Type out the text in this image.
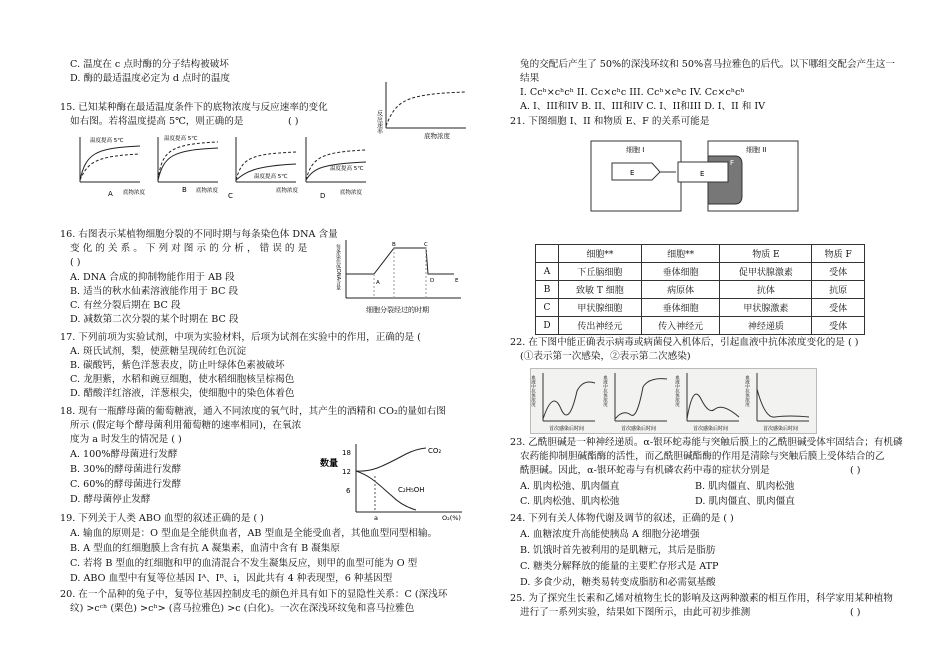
C. 温度在 c 点时酶的分子结构被破坏
D. 酶的最适温度必定为 d 点时的温度
15. 已知某种酶在最适温度条件下的底物浓度与反应速率的变化
如右图。若将温度提高 5℃，则正确的是	( )	反应速率
底物浓度
温度提高 5℃
A 底物浓度
温度提高 5℃
B 底物浓度
温度提高 5℃
C
底物浓度
温度提高 5℃
D	底物浓度
16. 右图表示某植物细胞分裂的不同时期与每条染色体 DNA 含量
变 化 的 关 系 。 下 列 对 图 示 的 分 析 ， 错 误 的 是
( )
A. DNA 合成的抑制物能作用于 AB 段
B. 适当的秋水仙素溶液能作用于 BC 段
C. 有丝分裂后期在 BC 段
D. 减数第二次分裂的某个时期在 BC 段
17. 下列前项为实验试剂，中项为实验材料，后项为试剂在实验中的作用，正确的是 (
A. 斑氏试剂，梨，使蔗糖呈现砖红色沉淀
B. 碳酸钙，紫色洋葱表皮，防止叶绿体色素被破坏
C. 龙胆紫，水稻和豌豆细胞，使水稻细胞核呈棕褐色
D. 醋酸洋红溶液，洋葱根尖，使细胞中的染色体着色
18. 现有一瓶酵母菌的葡萄糖液，通入不同浓度的氧气时，其产生的酒精和 CO₂的量如右图
所示 (假定每个酵母菌利用葡萄糖的速率相同)，在氧浓
度为 a 时发生的情况是 ( )
A. 100%酵母菌进行发酵
B. 30%的酵母菌进行发酵
C. 60%的酵母菌进行发酵
D. 酵母菌停止发酵
19. 下列关于人类 ABO 血型的叙述正确的是 ( )
A. 输血的原则是：O 型血是全能供血者，AB 型血是全能受血者，其他血型同型相输。
B. A 型血的红细胞膜上含有抗 A 凝集素，血清中含有 B 凝集原
C. 若将 B 型血的红细胞和甲的血清混合不发生凝集反应，则甲的血型可能为 O 型
D. ABO 血型中有复等位基因 Iᴬ、Iᴮ、i，因此共有 4 种表现型，6 种基因型
20. 在一个品种的兔子中，复等位基因控制皮毛的颜色并具有如下的显隐性关系：C (深浅环
纹) >cᶜʰ (栗色) >cʰ> (喜马拉雅色) >c (白化)。一次在深浅环纹兔和喜马拉雅色
每条染色体DNA含量	A
B	C
D	E
细胞分裂经过的时期
数量
18
12
6
a
CO₂
C₂H₅OH
O₂(%)
兔的交配后产生了 50%的深浅环纹和 50%喜马拉雅色的后代。以下哪组交配会产生这一
结果
I. Ccʰ×cʰcʰ II. Cc×cʰc III. Ccʰ×cʰc IV. Cc×cʰcʰ
A. I、III和IV B. II、III和IV C. I、II和III D. I、II 和 IV
21. 下图细胞 I、II 和物质 E、F 的关系可能是
细胞 I
E
细胞 II
E
F
	细胞**	细胞**	物质 E	物质 F
A	下丘脑细胞	垂体细胞	促甲状腺激素	受体
B	致敏 T 细胞	病原体	抗体	抗原
C	甲状腺细胞	垂体细胞	甲状腺激素	受体
D	传出神经元	传入神经元	神经递质	受体
22. 在下图中能正确表示病毒或病菌侵入机体后，引起血液中抗体浓度变化的是 ( )
(①表示第一次感染，②表示第二次感染)
血液中抗体浓度
首次感染后时间
血液中抗体浓度
首次感染后时间
血液中抗体浓度
首次感染后时间
血液中抗体浓度
首次感染后时间
23. 乙酰胆碱是一种神经递质。α-银环蛇毒能与突触后膜上的乙酰胆碱受体牢固结合；有机磷
农药能抑制胆碱酯酶的活性，而乙酰胆碱酯酶的作用是清除与突触后膜上受体结合的乙
酰胆碱。因此，α-银环蛇毒与有机磷农药中毒的症状分别是	( )
A. 肌肉松弛、肌肉僵直	B. 肌肉僵直、肌肉松弛
C. 肌肉松弛、肌肉松弛	D. 肌肉僵直、肌肉僵直
24. 下列有关人体物代谢及调节的叙述，正确的是 ( )
A. 血糖浓度升高能使胰岛 A 细胞分泌增强
B. 饥饿时首先被利用的是肌糖元，其后是脂肪
C. 糖类分解释放的能量的主要贮存形式是 ATP
D. 多食少动，糖类易转变成脂肪和必需氨基酸
25. 为了探究生长素和乙烯对植物生长的影响及这两种激素的相互作用，科学家用某种植物
进行了一系列实验，结果如下图所示，由此可初步推测	( )
